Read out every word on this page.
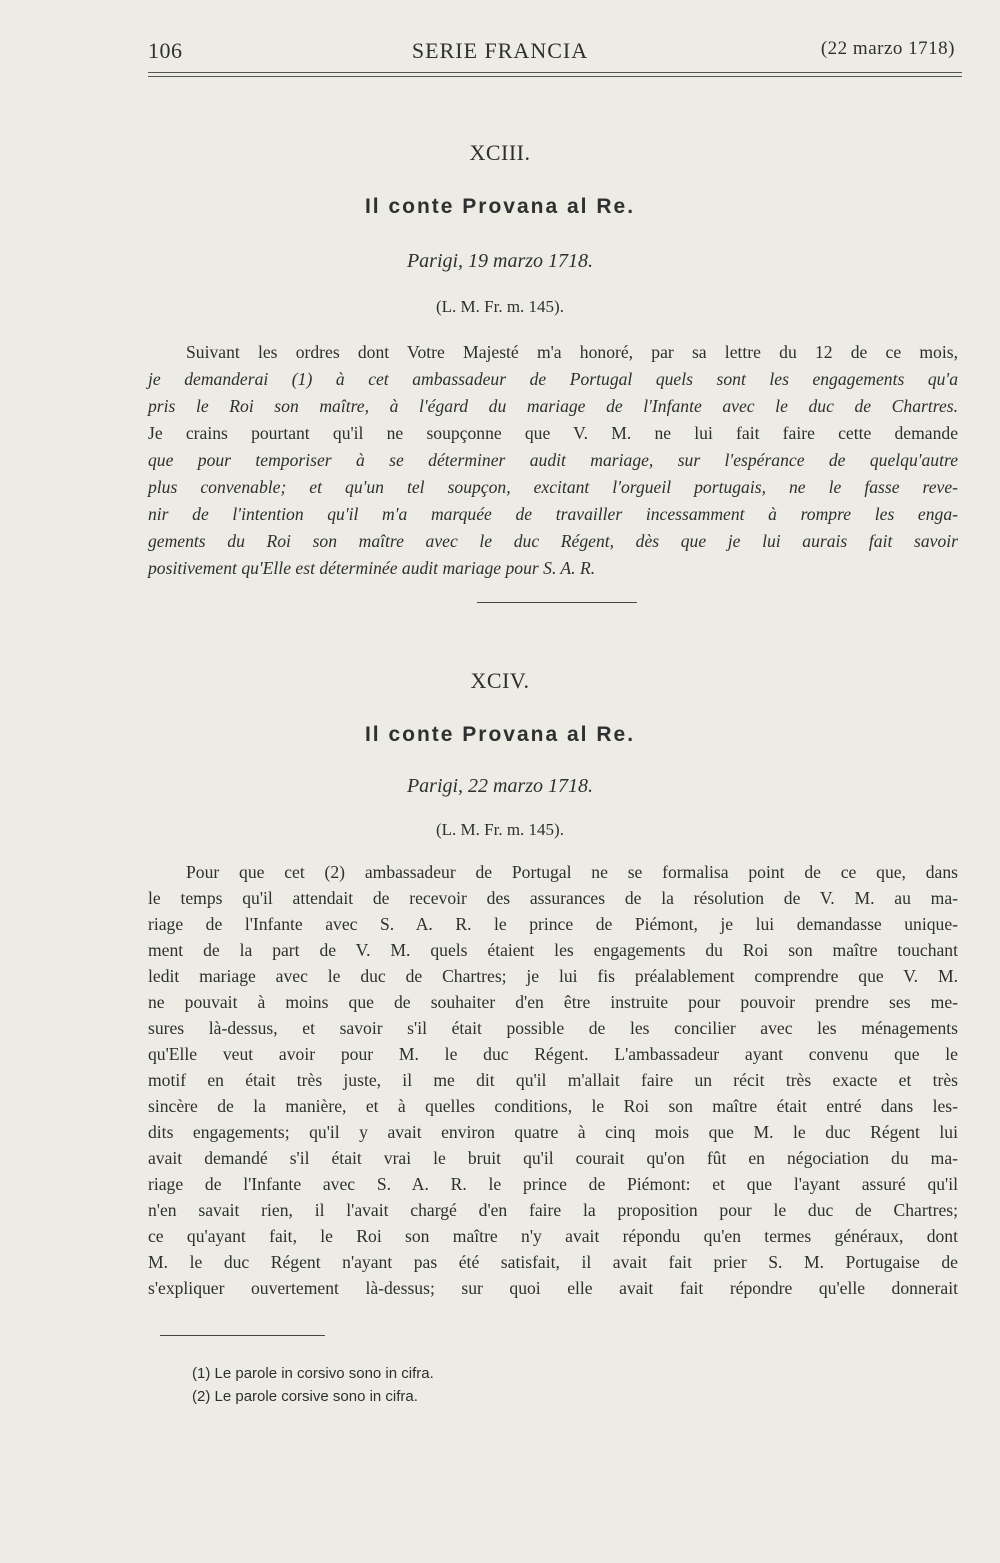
106	SERIE FRANCIA	(22 marzo 1718)
XCIII.
Il conte Provana al Re.
Parigi, 19 marzo 1718.
(L. M. Fr. m. 145).
Suivant les ordres dont Votre Majesté m'a honoré, par sa lettre du 12 de ce mois,
je demanderai (1) à cet ambassadeur de Portugal quels sont les engagements qu'a
pris le Roi son maître, à l'égard du mariage de l'Infante avec le duc de Chartres.
Je crains pourtant qu'il ne soupçonne que V. M. ne lui fait faire cette demande
que pour temporiser à se déterminer audit mariage, sur l'espérance de quelqu'autre
plus convenable; et qu'un tel soupçon, excitant l'orgueil portugais, ne le fasse reve-
nir de l'intention qu'il m'a marquée de travailler incessamment à rompre les enga-
gements du Roi son maître avec le duc Régent, dès que je lui aurais fait savoir
positivement qu'Elle est déterminée audit mariage pour S. A. R.
XCIV.
Il conte Provana al Re.
Parigi, 22 marzo 1718.
(L. M. Fr. m. 145).
Pour que cet (2) ambassadeur de Portugal ne se formalisa point de ce que, dans
le temps qu'il attendait de recevoir des assurances de la résolution de V. M. au ma-
riage de l'Infante avec S. A. R. le prince de Piémont, je lui demandasse unique-
ment de la part de V. M. quels étaient les engagements du Roi son maître touchant
ledit mariage avec le duc de Chartres; je lui fis préalablement comprendre que V. M.
ne pouvait à moins que de souhaiter d'en être instruite pour pouvoir prendre ses me-
sures là-dessus, et savoir s'il était possible de les concilier avec les ménagements
qu'Elle veut avoir pour M. le duc Régent. L'ambassadeur ayant convenu que le
motif en était très juste, il me dit qu'il m'allait faire un récit très exacte et très
sincère de la manière, et à quelles conditions, le Roi son maître était entré dans les-
dits engagements; qu'il y avait environ quatre à cinq mois que M. le duc Régent lui
avait demandé s'il était vrai le bruit qu'il courait qu'on fût en négociation du ma-
riage de l'Infante avec S. A. R. le prince de Piémont: et que l'ayant assuré qu'il
n'en savait rien, il l'avait chargé d'en faire la proposition pour le duc de Chartres;
ce qu'ayant fait, le Roi son maître n'y avait répondu qu'en termes généraux, dont
M. le duc Régent n'ayant pas été satisfait, il avait fait prier S. M. Portugaise de
s'expliquer ouvertement là-dessus; sur quoi elle avait fait répondre qu'elle donnerait
(1) Le parole in corsivo sono in cifra.
(2) Le parole corsive sono in cifra.
